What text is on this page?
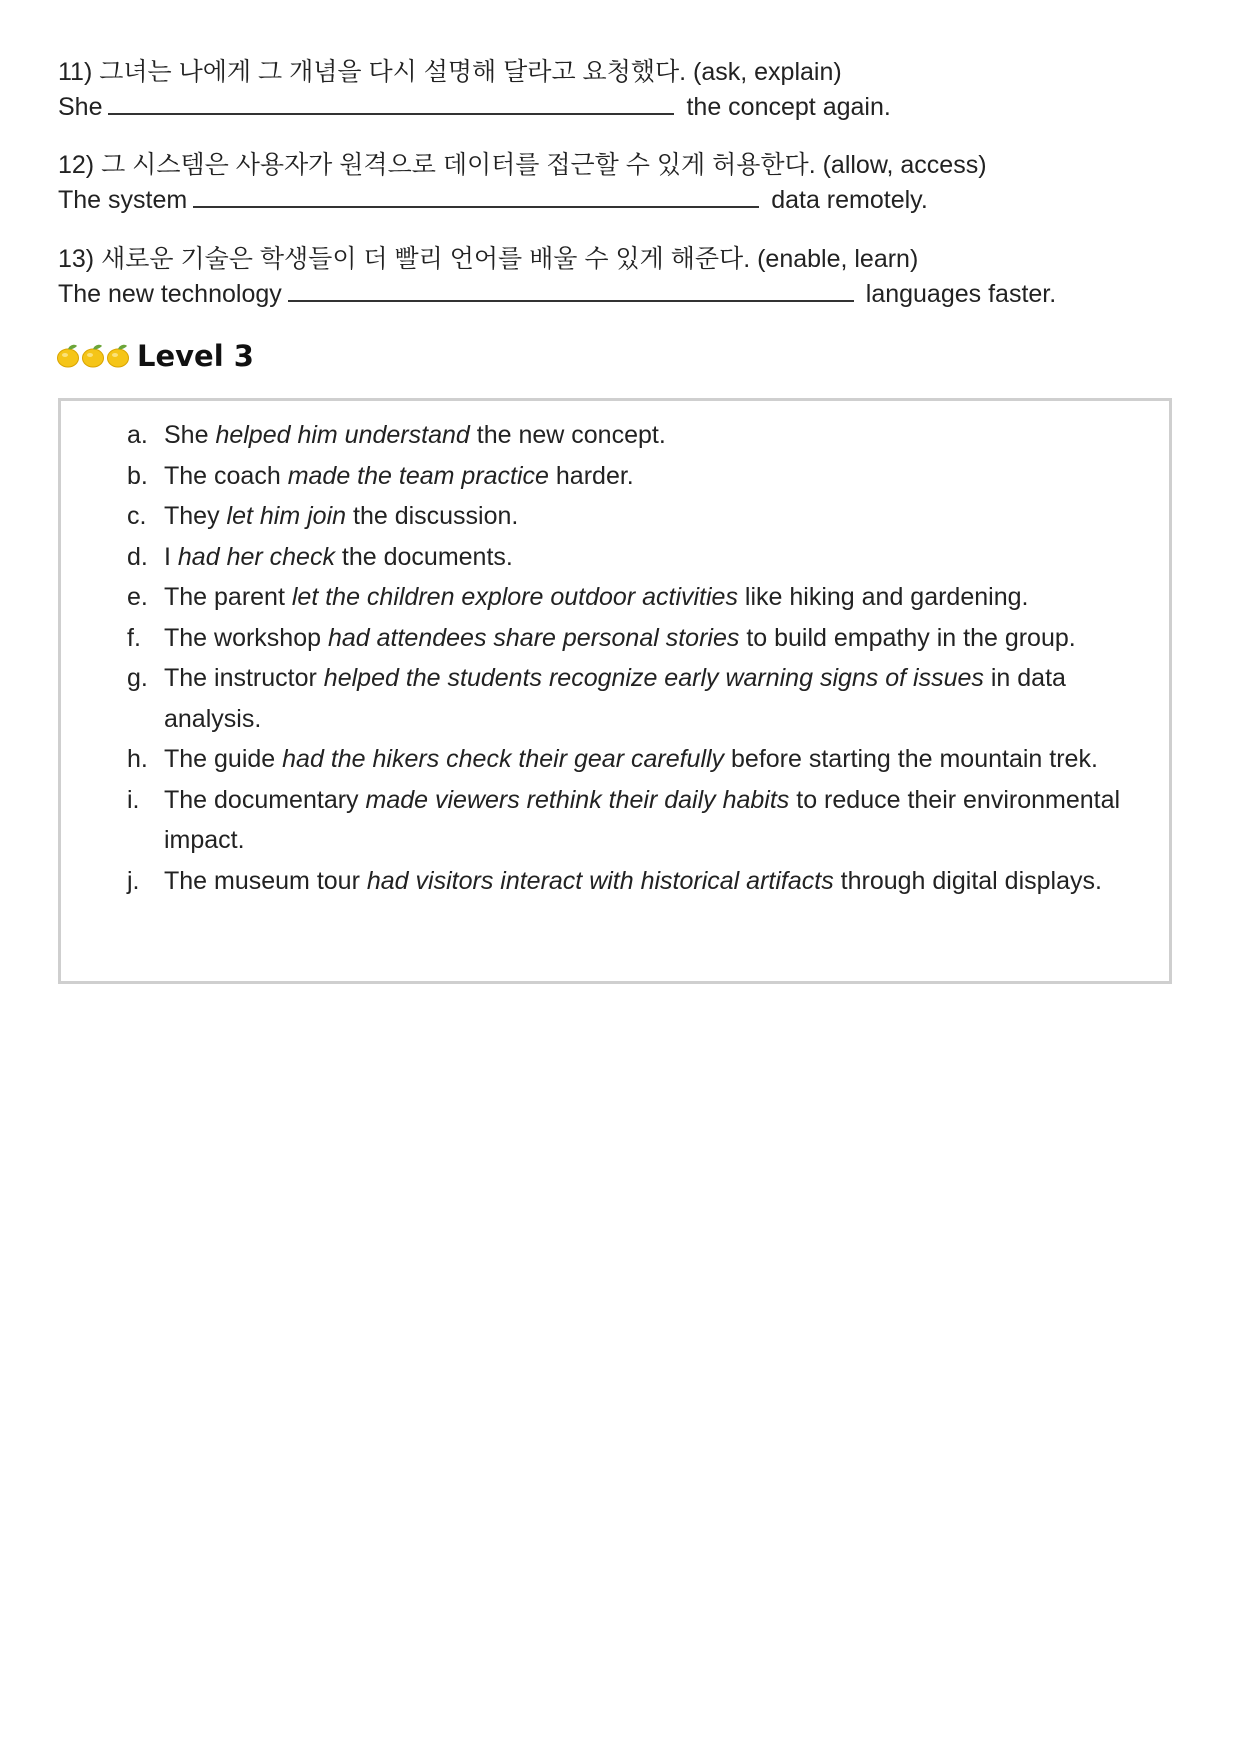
11) 그녀는 나에게 그 개념을 다시 설명해 달라고 요청했다. (ask, explain)
She	the concept again.
12) 그 시스템은 사용자가 원격으로 데이터를 접근할 수 있게 허용한다. (allow, access)
The system	data remotely.
13) 새로운 기술은 학생들이 더 빨리 언어를 배울 수 있게 해준다. (enable, learn)
The new technology	languages faster.
Level 3
a. She helped him understand the new concept.
b. The coach made the team practice harder.
c. They let him join the discussion.
d. I had her check the documents.
e. The parent let the children explore outdoor activities like hiking and gardening.
f. The workshop had attendees share personal stories to build empathy in the group.
g. The instructor helped the students recognize early warning signs of issues in data analysis.
h. The guide had the hikers check their gear carefully before starting the mountain trek.
i. The documentary made viewers rethink their daily habits to reduce their environmental impact.
j. The museum tour had visitors interact with historical artifacts through digital displays.
